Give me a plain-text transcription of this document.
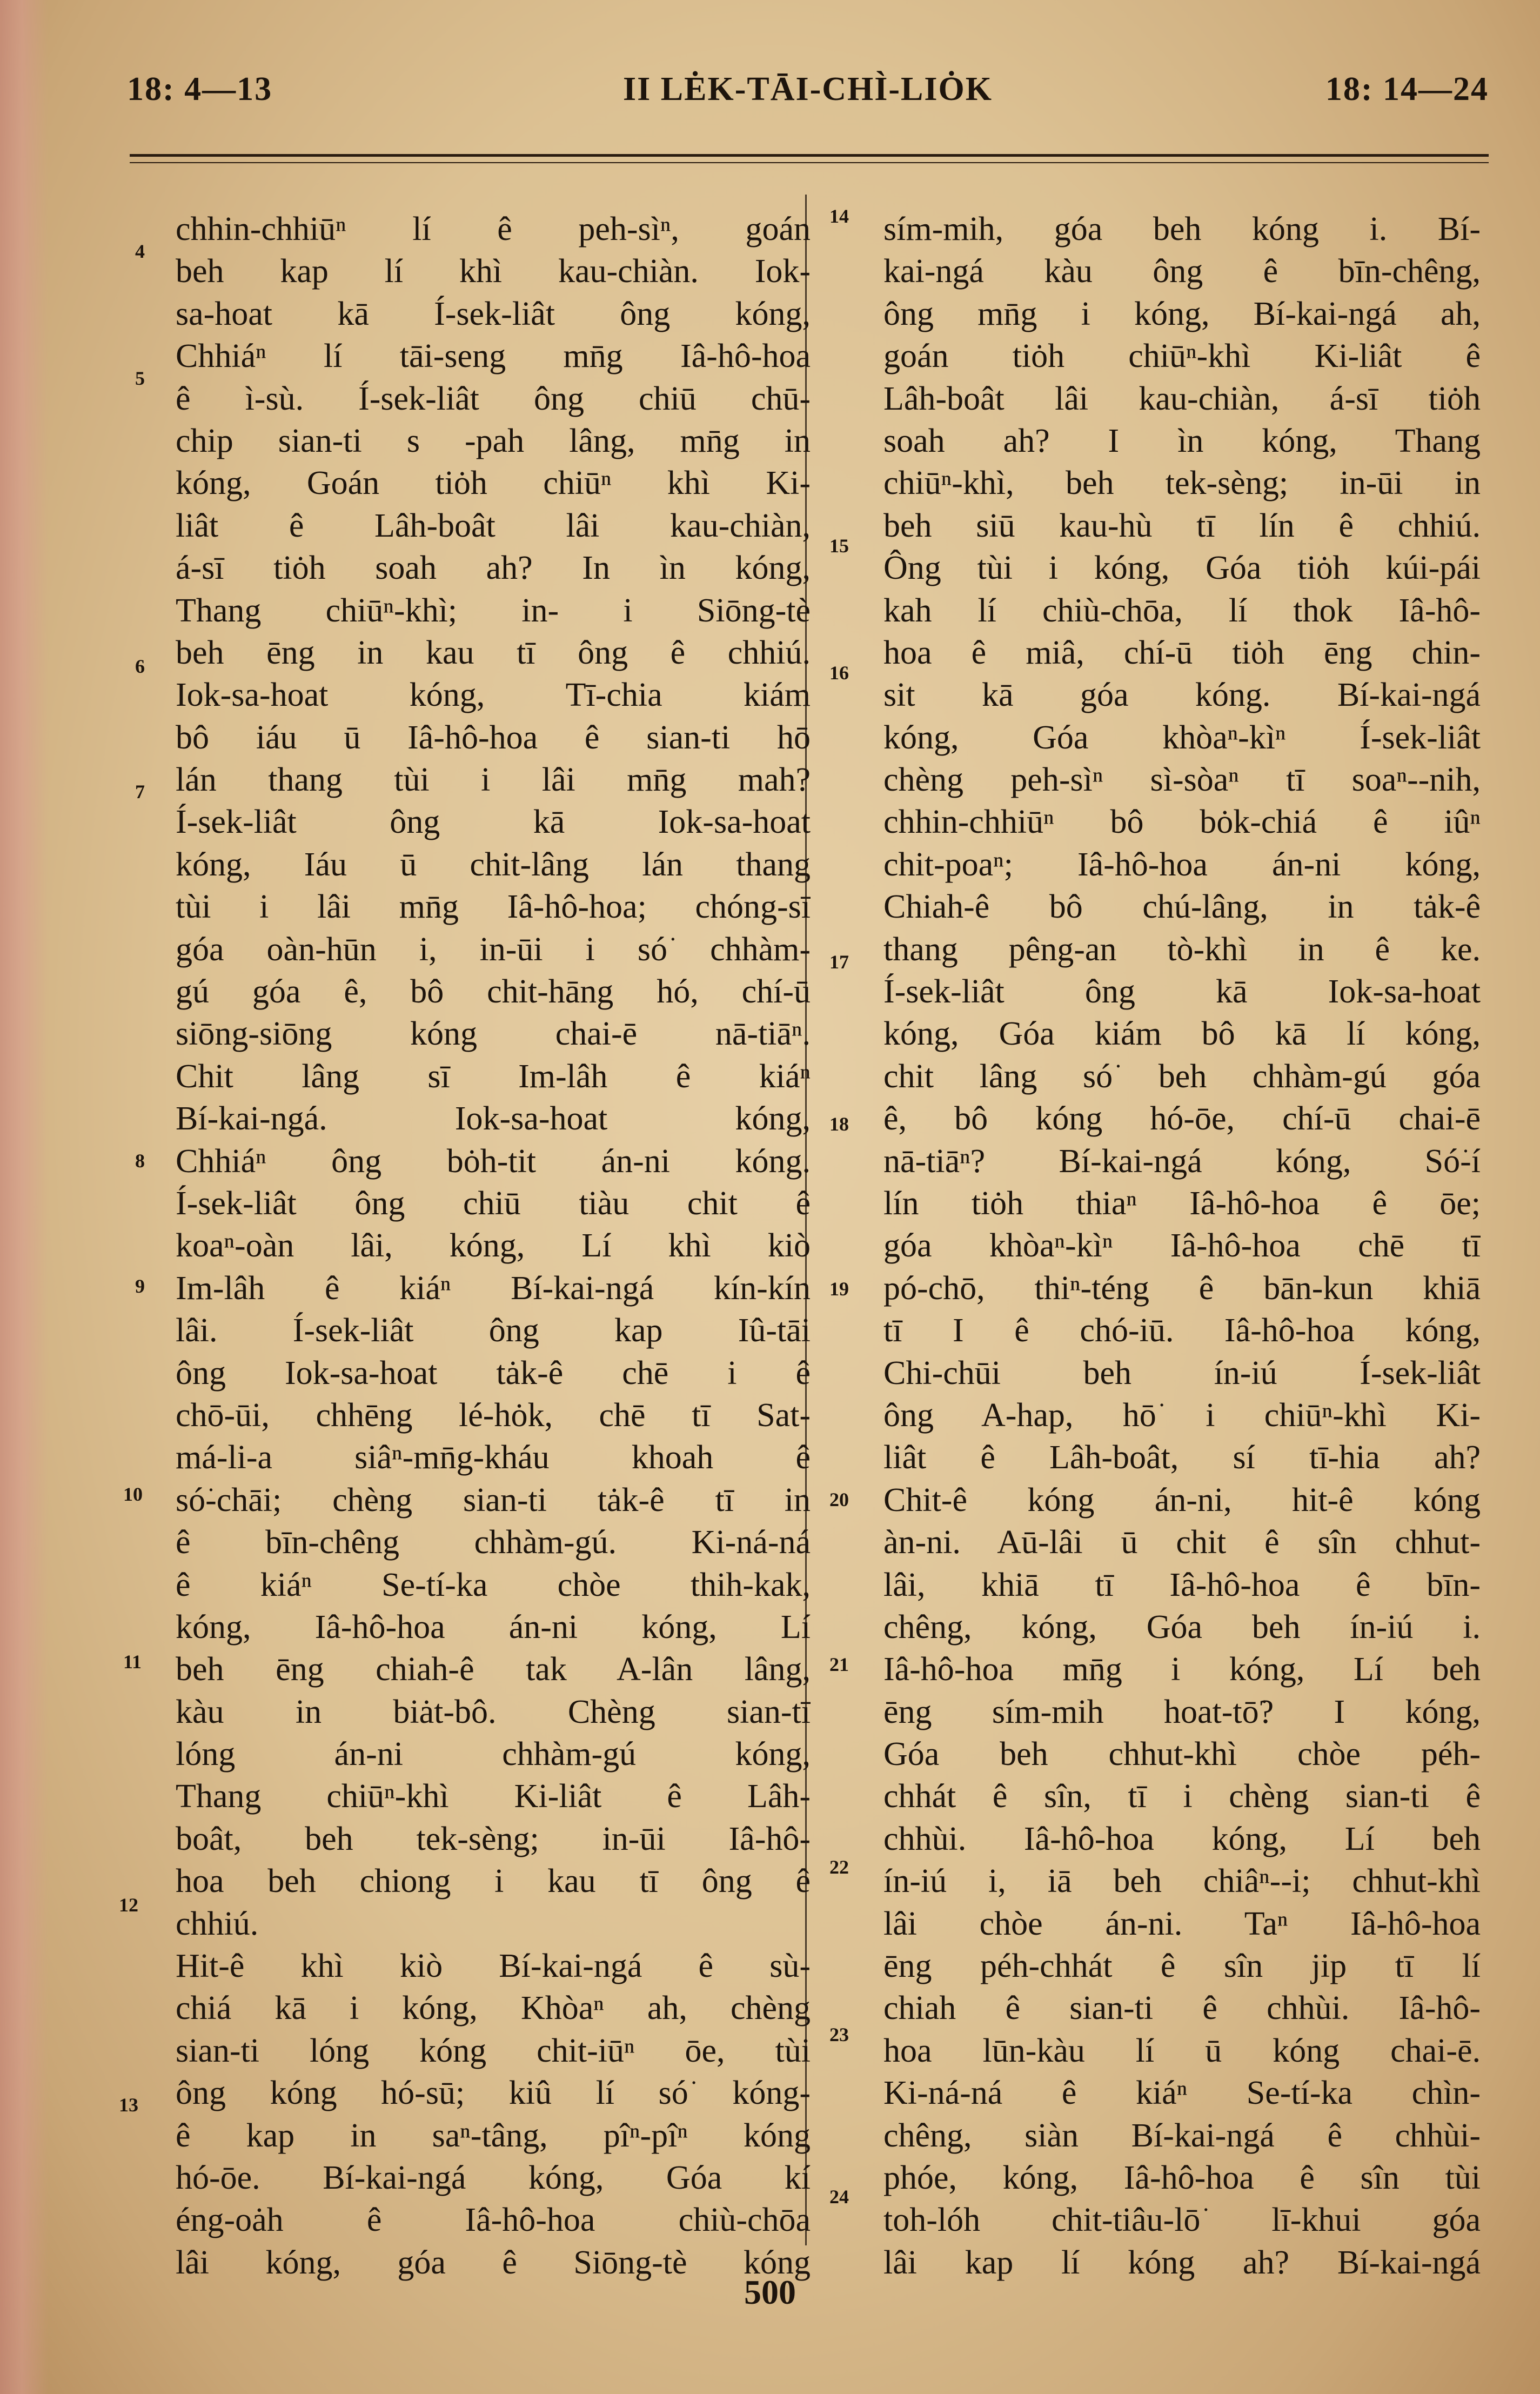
18: 4—13	II LĖK-TĀI-CHÌ-LIȮK	18: 14—24
chhin-chhiūⁿ lí ê peh-sìⁿ, goán
beh kap lí khì kau-chiàn. Iok-
sa-hoat kā Í-sek-liât ông kóng,
Chhiáⁿ lí tāi-seng mn̄g Iâ-hô-hoa
ê ì-sù. Í-sek-liât ông chiū chū-
chip sian-ti s -pah lâng, mn̄g in
kóng, Goán tiȯh chiūⁿ khì Ki-
liât ê Lâh-boât lâi kau-chiàn,
á-sī tiȯh soah ah? In ìn kóng,
Thang chiūⁿ-khì; in- i Siōng-tè
beh ēng in kau tī ông ê chhiú.
Iok-sa-hoat kóng, Tī-chia kiám
bô iáu ū Iâ-hô-hoa ê sian-ti hō͘
lán thang tùi i lâi mn̄g mah?
Í-sek-liât ông kā Iok-sa-hoat
kóng, Iáu ū chit-lâng lán thang
tùi i lâi mn̄g Iâ-hô-hoa; chóng-sī
góa oàn-hūn i, in-ūi i só͘ chhàm-
gú góa ê, bô chit-hāng hó, chí-ū
siōng-siōng kóng chai-ē nā-tiāⁿ.
Chit lâng sī Im-lâh ê kiáⁿ
Bí-kai-ngá. Iok-sa-hoat kóng,
Chhiáⁿ ông bȯh-tit án-ni kóng.
Í-sek-liât ông chiū tiàu chit ê
koaⁿ-oàn lâi, kóng, Lí khì kiò
Im-lâh ê kiáⁿ Bí-kai-ngá kín-kín
lâi. Í-sek-liât ông kap Iû-tāi
ông Iok-sa-hoat tȧk-ê chē i ê
chō-ūi, chhēng lé-hȯk, chē tī Sat-
má-li-a siâⁿ-mn̄g-kháu khoah ê
só͘-chāi; chèng sian-ti tȧk-ê tī in
ê bīn-chêng chhàm-gú. Ki-ná-ná
ê kiáⁿ Se-tí-ka chòe thih-kak,
kóng, Iâ-hô-hoa án-ni kóng, Lí
beh ēng chiah-ê tak A-lân lâng,
kàu in biȧt-bô. Chèng sian-tī
lóng án-ni chhàm-gú kóng,
Thang chiūⁿ-khì Ki-liât ê Lâh-
boât, beh tek-sèng; in-ūi Iâ-hô-
hoa beh chiong i kau tī ông ê
chhiú.
Hit-ê khì kiò Bí-kai-ngá ê sù-
chiá kā i kóng, Khòaⁿ ah, chèng
sian-ti lóng kóng chit-iūⁿ ōe, tùi
ông kóng hó-sū; kiû lí só͘ kóng-
ê kap in saⁿ-tâng, pîⁿ-pîⁿ kóng
hó-ōe. Bí-kai-ngá kóng, Góa kí
éng-oȧh ê Iâ-hô-hoa chiù-chōa
lâi kóng, góa ê Siōng-tè kóng
sím-mih, góa beh kóng i. Bí-
kai-ngá kàu ông ê bīn-chêng,
ông mn̄g i kóng, Bí-kai-ngá ah,
goán tiȯh chiūⁿ-khì Ki-liât ê
Lâh-boât lâi kau-chiàn, á-sī tiȯh
soah ah? I ìn kóng, Thang
chiūⁿ-khì, beh tek-sèng; in-ūi in
beh siū kau-hù tī lín ê chhiú.
Ông tùi i kóng, Góa tiȯh kúi-pái
kah lí chiù-chōa, lí thok Iâ-hô-
hoa ê miâ, chí-ū tiȯh ēng chin-
sit kā góa kóng. Bí-kai-ngá
kóng, Góa khòaⁿ-kìⁿ Í-sek-liât
chèng peh-sìⁿ sì-sòaⁿ tī soaⁿ--nih,
chhin-chhiūⁿ bô bȯk-chiá ê iûⁿ
chit-poaⁿ; Iâ-hô-hoa án-ni kóng,
Chiah-ê bô chú-lâng, in tȧk-ê
thang pêng-an tò-khì in ê ke.
Í-sek-liât ông kā Iok-sa-hoat
kóng, Góa kiám bô kā lí kóng,
chit lâng só͘ beh chhàm-gú góa
ê, bô kóng hó-ōe, chí-ū chai-ē
nā-tiāⁿ? Bí-kai-ngá kóng, Só͘-í
lín tiȯh thiaⁿ Iâ-hô-hoa ê ōe;
góa khòaⁿ-kìⁿ Iâ-hô-hoa chē tī
pó-chō, thiⁿ-téng ê bān-kun khiā
tī I ê chó-iū. Iâ-hô-hoa kóng,
Chi-chūi beh ín-iú Í-sek-liât
ông A-hap, hō͘ i chiūⁿ-khì Ki-
liât ê Lâh-boât, sí tī-hia ah?
Chit-ê kóng án-ni, hit-ê kóng
àn-ni. Aū-lâi ū chit ê sîn chhut-
lâi, khiā tī Iâ-hô-hoa ê bīn-
chêng, kóng, Góa beh ín-iú i.
Iâ-hô-hoa mn̄g i kóng, Lí beh
ēng sím-mih hoat-tō͘? I kóng,
Góa beh chhut-khì chòe péh-
chhát ê sîn, tī i chèng sian-ti ê
chhùi. Iâ-hô-hoa kóng, Lí beh
ín-iú i, iā beh chiâⁿ--i; chhut-khì
lâi chòe án-ni. Taⁿ Iâ-hô-hoa
ēng péh-chhát ê sîn jip tī lí
chiah ê sian-ti ê chhùi. Iâ-hô-
hoa lūn-kàu lí ū kóng chai-ē.
Ki-ná-ná ê kiáⁿ Se-tí-ka chìn-
chêng, siàn Bí-kai-ngá ê chhùi-
phóe, kóng, Iâ-hô-hoa ê sîn tùi
toh-lóh chit-tiâu-lō͘ lī-khui góa
lâi kap lí kóng ah? Bí-kai-ngá
4
5
6
7
8
9
10
11
12
13
14
15
16
17
18
19
20
21
22
23
24
500
